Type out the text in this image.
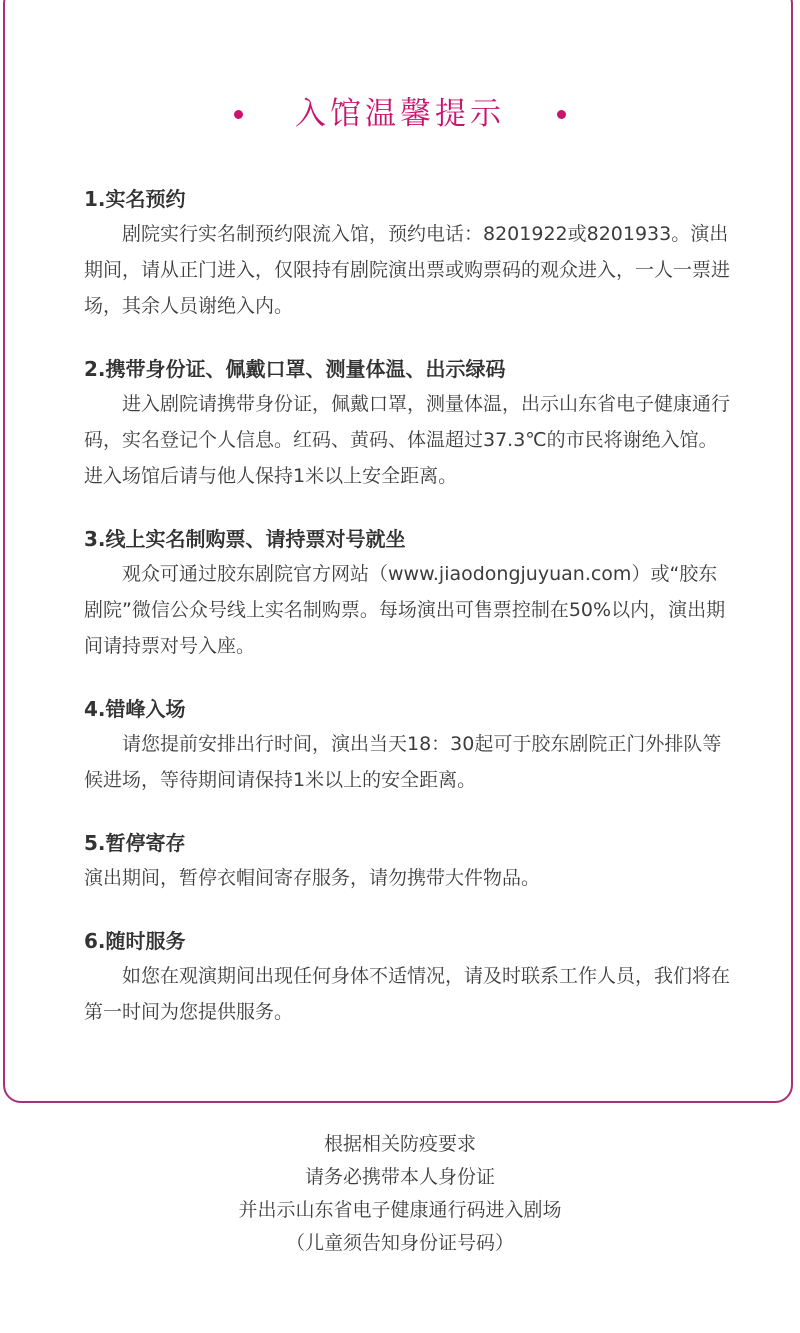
入馆温馨提示
1.实名预约
剧院实行实名制预约限流入馆，预约电话：8201922或8201933。演出期间，请从正门进入，仅限持有剧院演出票或购票码的观众进入，一人一票进场，其余人员谢绝入内。
2.携带身份证、佩戴口罩、测量体温、出示绿码
进入剧院请携带身份证，佩戴口罩，测量体温，出示山东省电子健康通行码，实名登记个人信息。红码、黄码、体温超过37.3℃的市民将谢绝入馆。进入场馆后请与他人保持1米以上安全距离。
3.线上实名制购票、请持票对号就坐
观众可通过胶东剧院官方网站（www.jiaodongjuyuan.com）或“胶东剧院”微信公众号线上实名制购票。每场演出可售票控制在50%以内，演出期间请持票对号入座。
4.错峰入场
请您提前安排出行时间，演出当天18：30起可于胶东剧院正门外排队等候进场，等待期间请保持1米以上的安全距离。
5.暂停寄存
演出期间，暂停衣帽间寄存服务，请勿携带大件物品。
6.随时服务
如您在观演期间出现任何身体不适情况，请及时联系工作人员，我们将在第一时间为您提供服务。
根据相关防疫要求
请务必携带本人身份证
并出示山东省电子健康通行码进入剧场
（儿童须告知身份证号码）
